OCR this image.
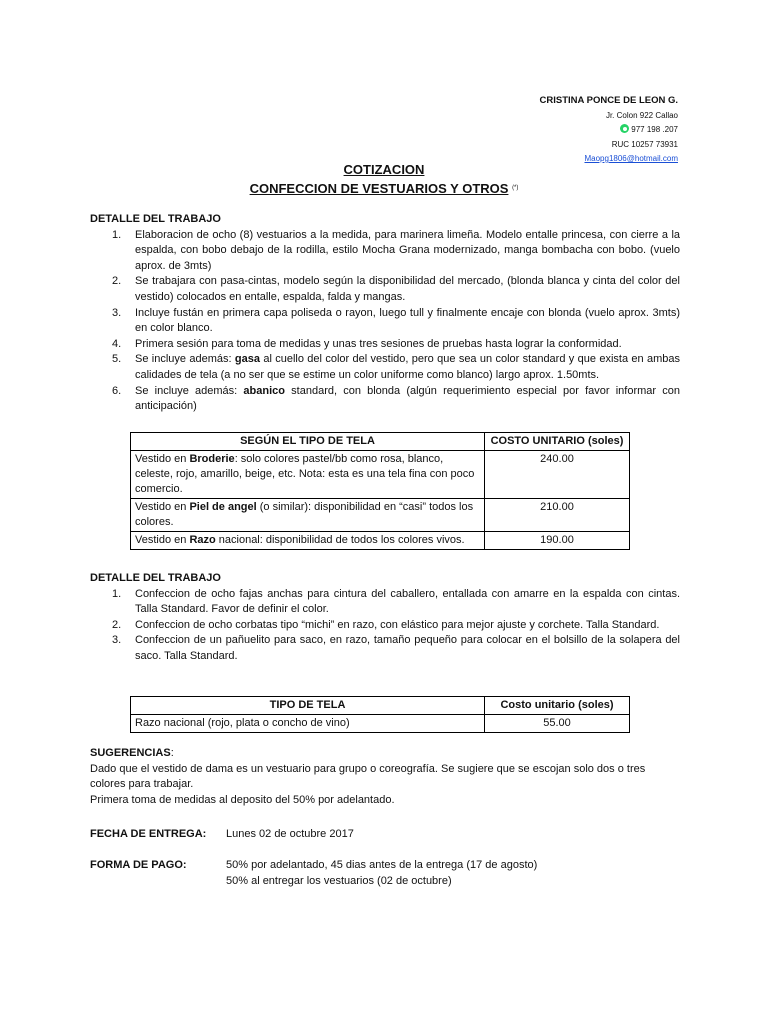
CRISTINA PONCE DE LEON G.
Jr. Colon 922 Callao
977 198 .207
RUC 10257 73931
Maopg1806@hotmail.com
COTIZACION
CONFECCION DE VESTUARIOS Y OTROS (*)
DETALLE DEL TRABAJO
1. Elaboracion de ocho (8) vestuarios a la medida, para marinera limeña. Modelo entalle princesa, con cierre a la espalda, con bobo debajo de la rodilla, estilo Mocha Grana modernizado, manga bombacha con bobo. (vuelo aprox. de 3mts)
2. Se trabajara con pasa-cintas, modelo según la disponibilidad del mercado, (blonda blanca y cinta del color del vestido) colocados en entalle, espalda, falda y mangas.
3. Incluye fustán en primera capa poliseda o rayon, luego tull y finalmente encaje con blonda (vuelo aprox. 3mts) en color blanco.
4. Primera sesión para toma de medidas y unas tres sesiones de pruebas hasta lograr la conformidad.
5. Se incluye además: gasa al cuello del color del vestido, pero que sea un color standard y que exista en ambas calidades de tela (a no ser que se estime un color uniforme como blanco) largo aprox. 1.50mts.
6. Se incluye además: abanico standard, con blonda (algún requerimiento especial por favor informar con anticipación)
SEGÚN EL TIPO DE TELA	COSTO UNITARIO (soles)
Vestido en Broderie: solo colores pastel/bb como rosa, blanco, celeste, rojo, amarillo, beige, etc. Nota: esta es una tela fina con poco comercio.	240.00
Vestido en Piel de angel (o similar): disponibilidad en “casi” todos los colores.	210.00
Vestido en Razo nacional: disponibilidad de todos los colores vivos.	190.00
DETALLE DEL TRABAJO
1. Confeccion de ocho fajas anchas para cintura del caballero, entallada con amarre en la espalda con cintas. Talla Standard. Favor de definir el color.
2. Confeccion de ocho corbatas tipo “michi” en razo, con elástico para mejor ajuste y corchete. Talla Standard.
3. Confeccion de un pañuelito para saco, en razo, tamaño pequeño para colocar en el bolsillo de la solapera del saco. Talla Standard.
TIPO DE TELA	Costo unitario (soles)
Razo nacional (rojo, plata o concho de vino)	55.00
SUGERENCIAS:
Dado que el vestido de dama es un vestuario para grupo o coreografía. Se sugiere que se escojan solo dos o tres colores para trabajar.
Primera toma de medidas al deposito del 50% por adelantado.
FECHA DE ENTREGA:	Lunes 02 de octubre 2017
FORMA DE PAGO:	50% por adelantado, 45 dias antes de la entrega (17 de agosto)
50% al entregar los vestuarios (02 de octubre)
